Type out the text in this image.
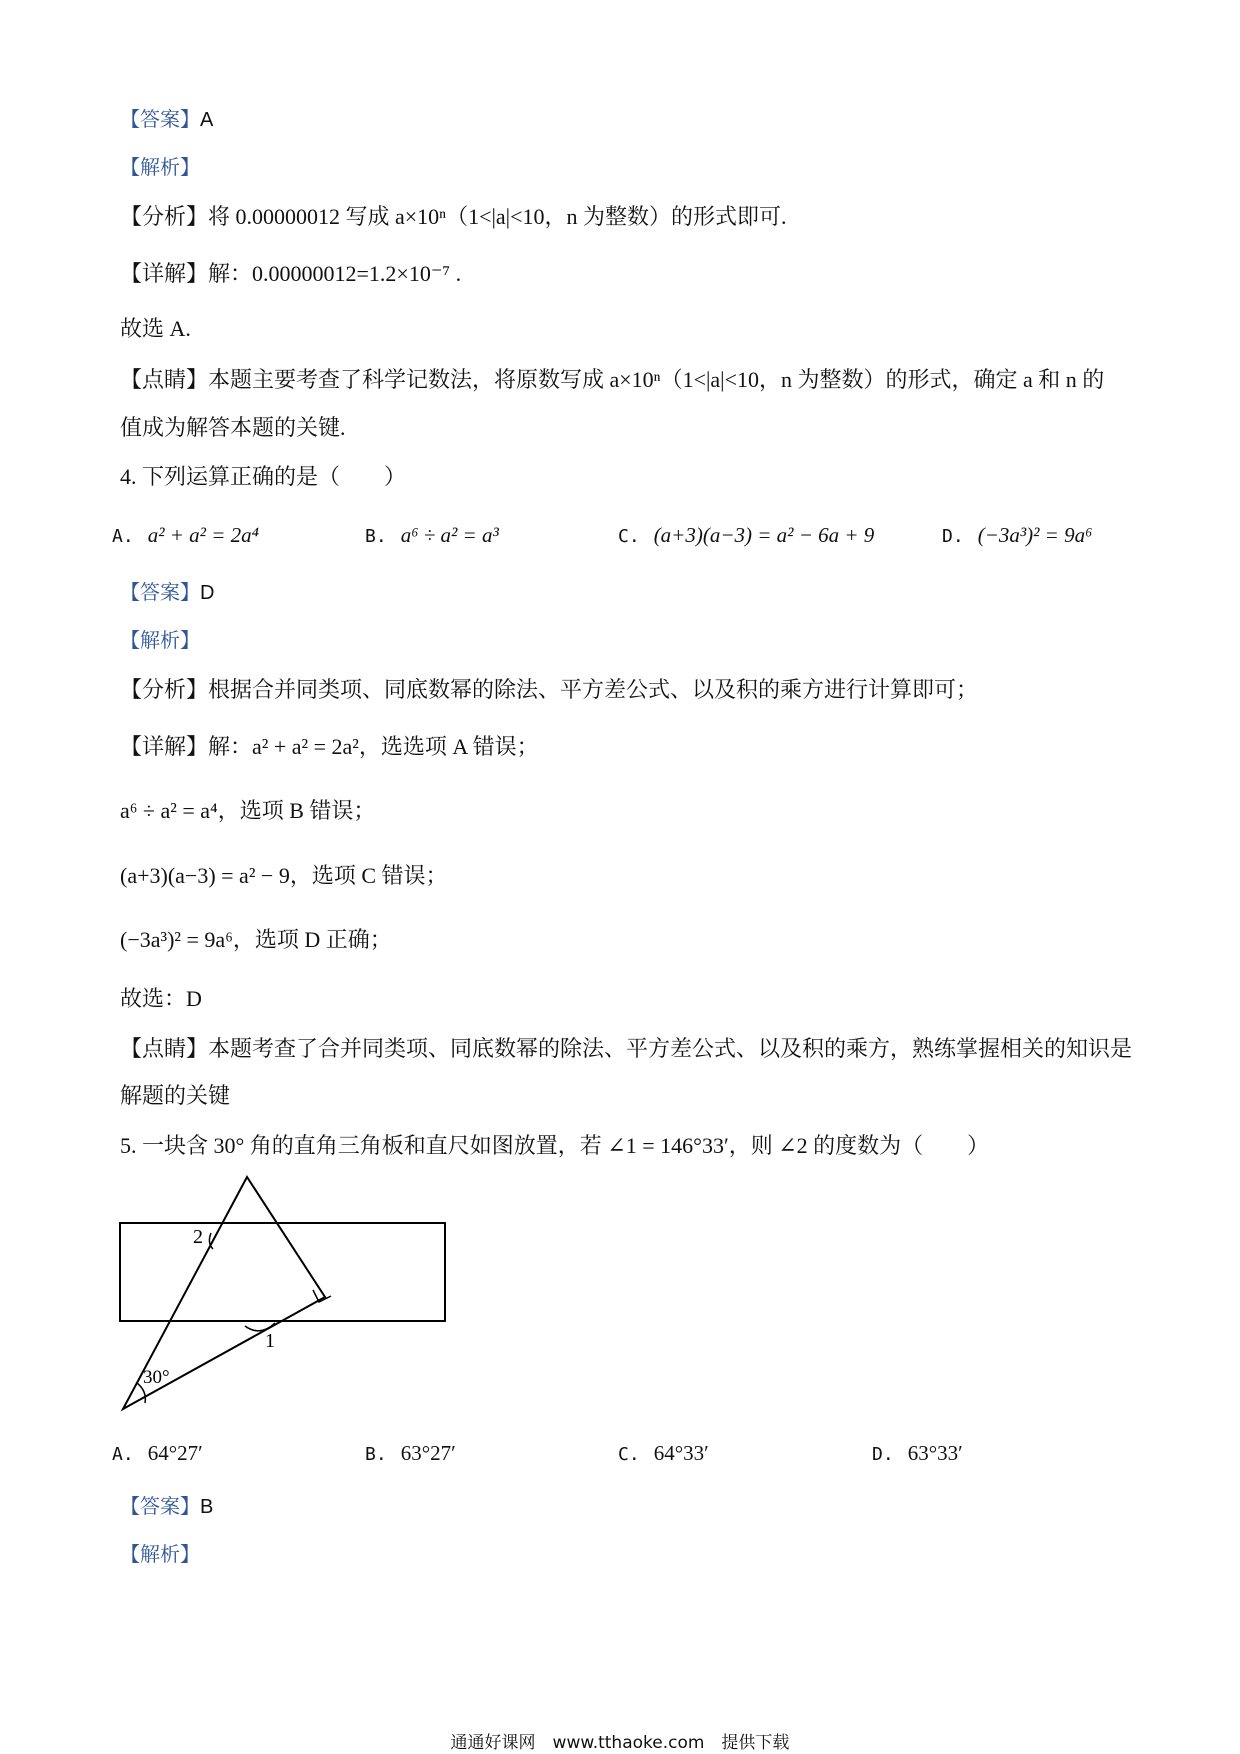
【答案】A
【解析】
【分析】将 0.00000012 写成 a×10ⁿ（1<|a|<10，n 为整数）的形式即可.
【详解】解：0.00000012=1.2×10⁻⁷ .
故选 A.
【点睛】本题主要考查了科学记数法，将原数写成 a×10ⁿ（1<|a|<10，n 为整数）的形式，确定 a 和 n 的
值成为解答本题的关键.
4. 下列运算正确的是（　　）
A. a² + a² = 2a⁴	B. a⁶ ÷ a² = a³	C. (a+3)(a−3) = a² − 6a + 9	D. (−3a³)² = 9a⁶
【答案】D
【解析】
【分析】根据合并同类项、同底数幂的除法、平方差公式、以及积的乘方进行计算即可；
【详解】解：a² + a² = 2a²，选选项 A 错误；
a⁶ ÷ a² = a⁴，选项 B 错误；
(a+3)(a−3) = a² − 9，选项 C 错误；
(−3a³)² = 9a⁶，选项 D 正确；
故选：D
【点睛】本题考查了合并同类项、同底数幂的除法、平方差公式、以及积的乘方，熟练掌握相关的知识是
解题的关键
5. 一块含 30° 角的直角三角板和直尺如图放置，若 ∠1 = 146°33′，则 ∠2 的度数为（　　）
1
2
30°
A. 64°27′	B. 63°27′	C. 64°33′	D. 63°33′
【答案】B
【解析】
通通好课网　www.tthaoke.com　提供下载
